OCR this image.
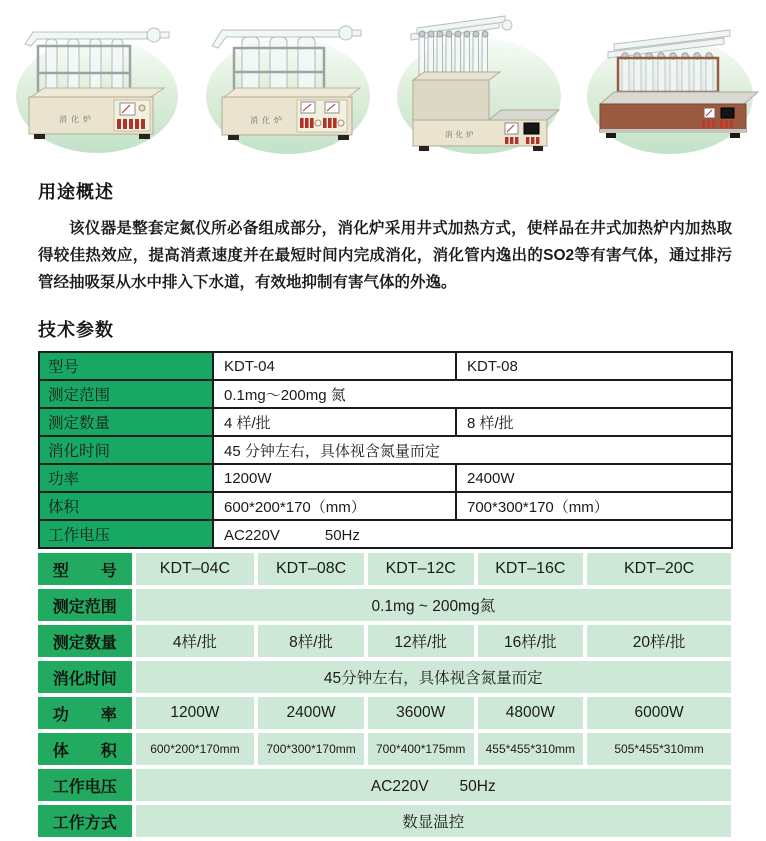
消化炉	消化炉
消化炉
用途概述

该仪器是整套定氮仪所必备组成部分，消化炉采用井式加热方式，使样品在井式加热炉内加热取得较佳热效应，提高消煮速度并在最短时间内完成消化，消化管内逸出的SO2等有害气体，通过排污管经抽吸泵从水中排入下水道，有效地抑制有害气体的外逸。

技术参数
型号	KDT-04	KDT-08
测定范围	0.1mg～200mg 氮	
测定数量	4 样/批	8 样/批
消化时间	45 分钟左右，具体视含氮量而定	
功率	1200W	2400W
体积	600*200*170（mm）	700*300*170（mm）
工作电压	AC220V　　　50Hz	
型　　号	KDT–04C	KDT–08C	KDT–12C	KDT–16C	KDT–20C
测定范围	0.1mg ~ 200mg氮				
测定数量	4样/批	8样/批	12样/批	16样/批	20样/批
消化时间	45分钟左右，具体视含氮量而定				
功　　率	1200W	2400W	3600W	4800W	6000W
体　　积	600*200*170mm	700*300*170mm	700*400*175mm	455*455*310mm	505*455*310mm
工作电压	AC220V　　50Hz				
工作方式	数显温控				
